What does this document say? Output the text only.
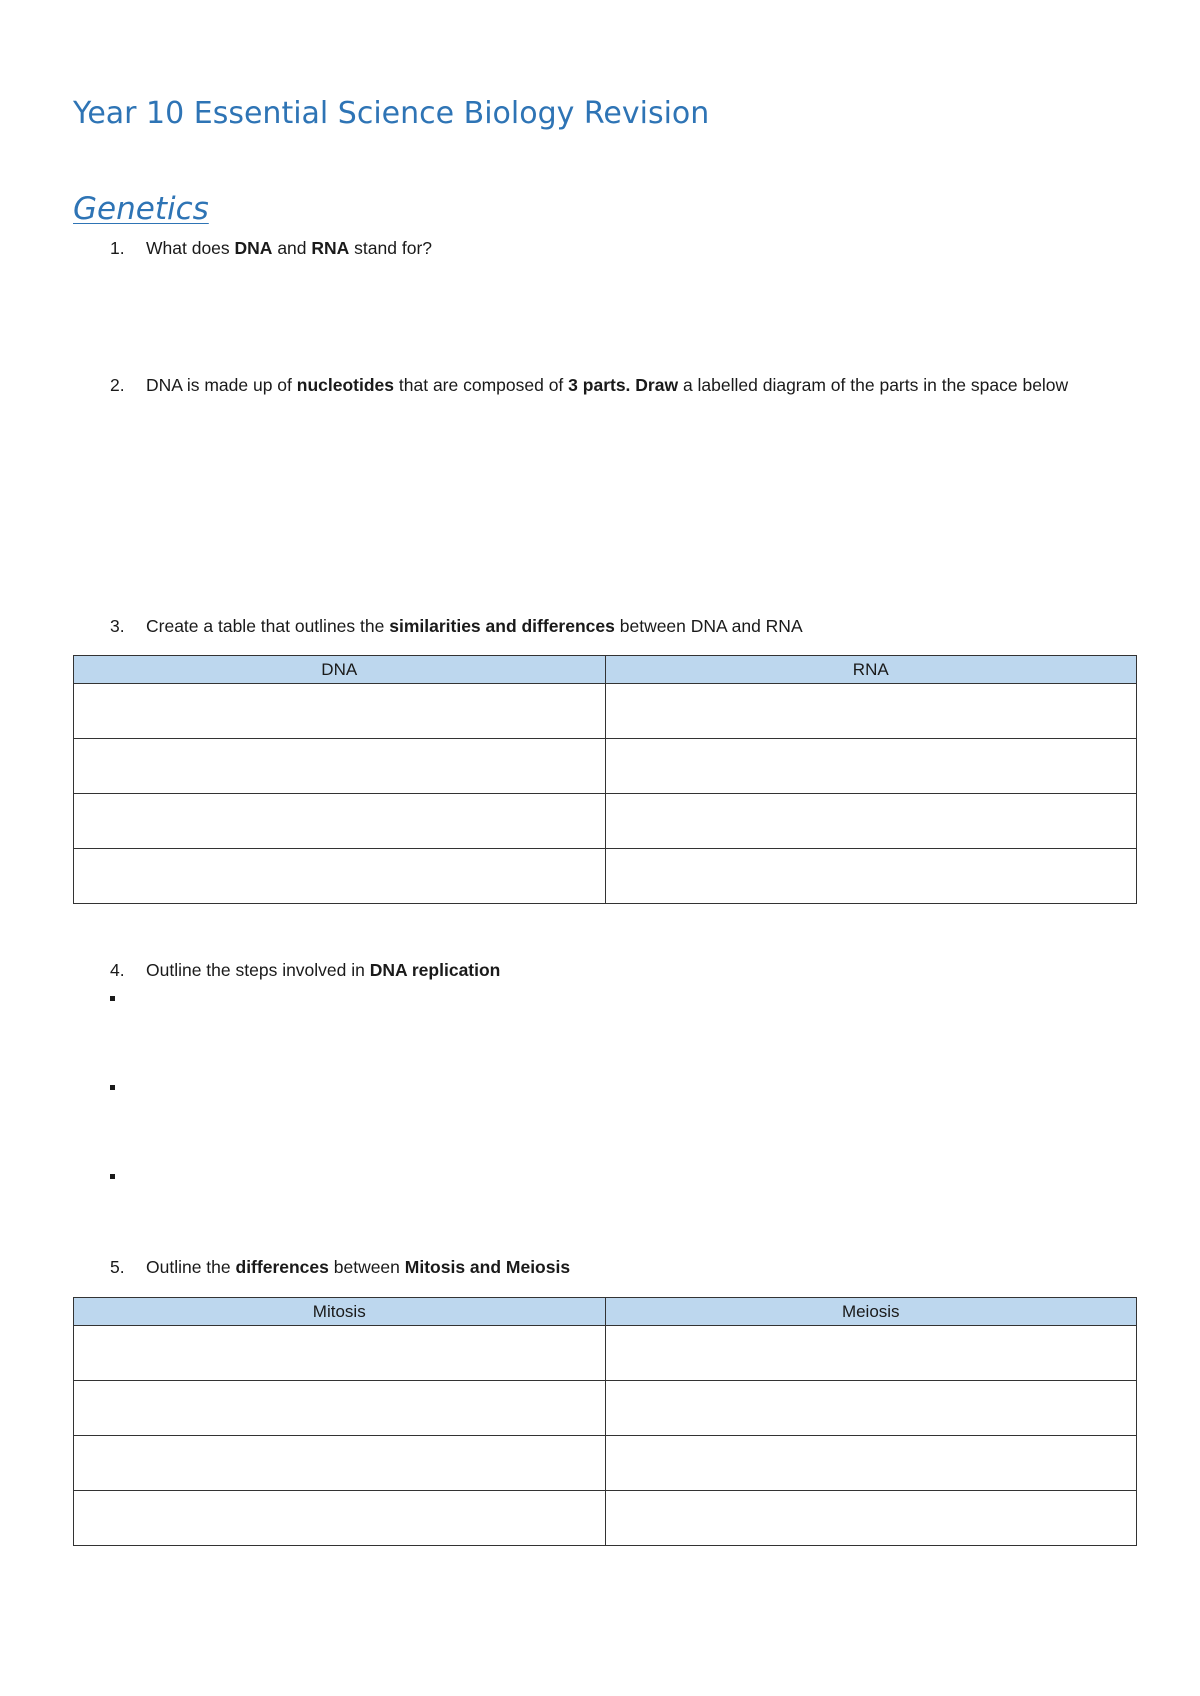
Year 10 Essential Science Biology Revision
Genetics
1.	What does DNA and RNA stand for?
2.	DNA is made up of nucleotides that are composed of 3 parts. Draw a labelled diagram of the parts in the space below
3.	Create a table that outlines the similarities and differences between DNA and RNA
DNA	RNA

4.	Outline the steps involved in DNA replication
5.	Outline the differences between Mitosis and Meiosis
Mitosis	Meiosis
